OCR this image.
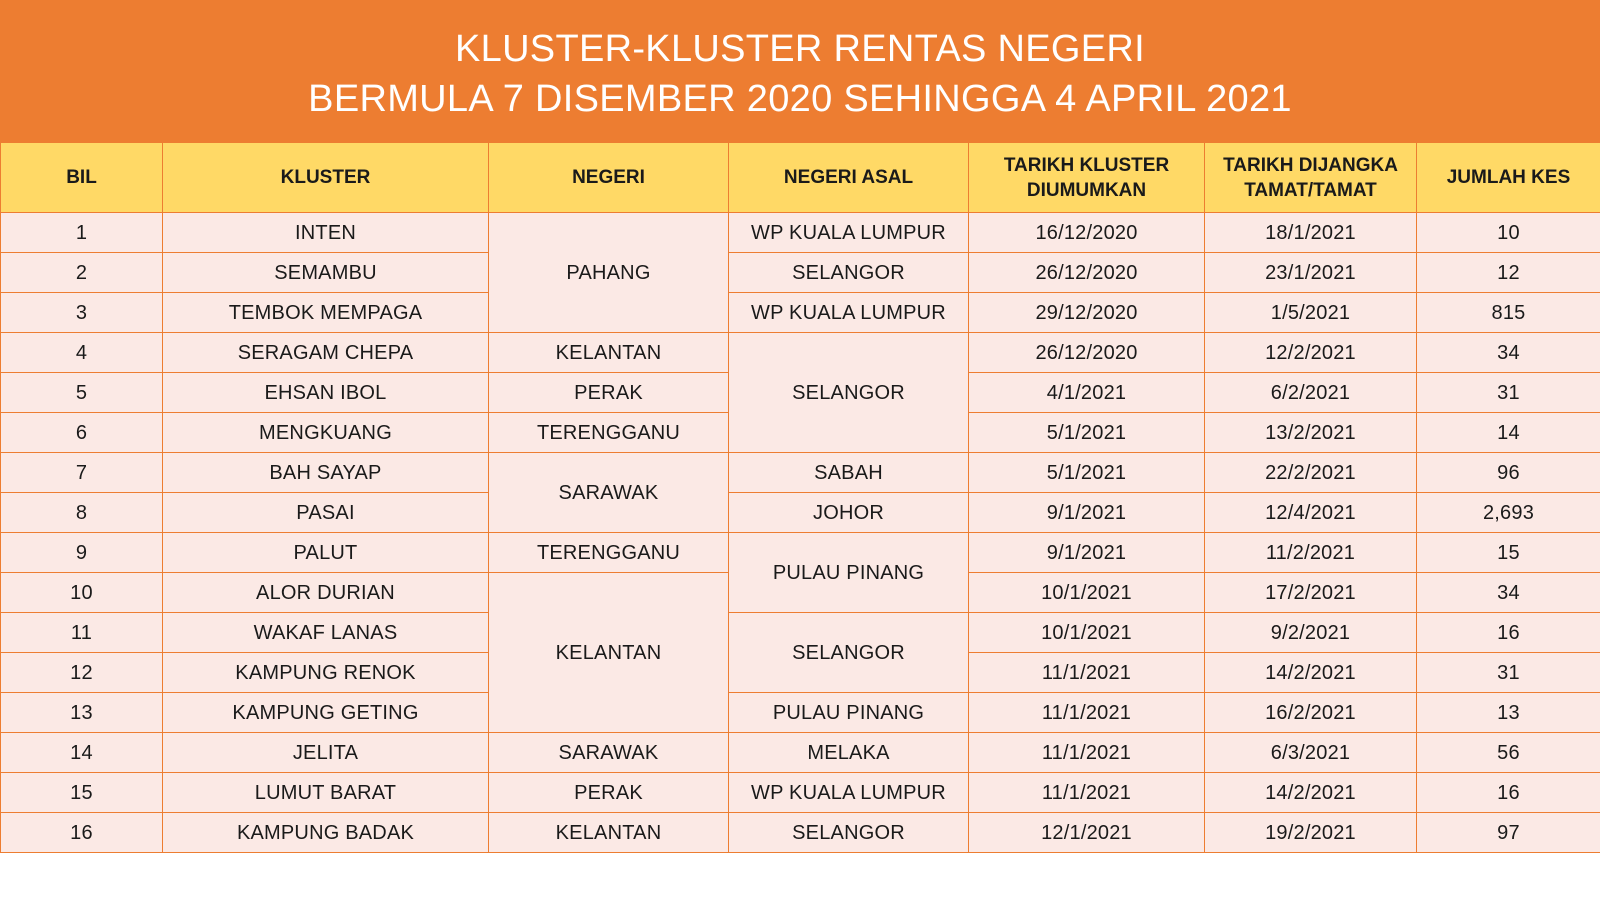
KLUSTER-KLUSTER RENTAS NEGERI
BERMULA 7 DISEMBER 2020 SEHINGGA 4 APRIL 2021
BIL	KLUSTER	NEGERI	NEGERI ASAL	TARIKH KLUSTER DIUMUMKAN	TARIKH DIJANGKA TAMAT/TAMAT	JUMLAH KES
1	INTEN	PAHANG	WP KUALA LUMPUR	16/12/2020	18/1/2021	10
2	SEMAMBU		SELANGOR	26/12/2020	23/1/2021	12
3	TEMBOK MEMPAGA		WP KUALA LUMPUR	29/12/2020	1/5/2021	815
4	SERAGAM CHEPA	KELANTAN	SELANGOR	26/12/2020	12/2/2021	34
5	EHSAN IBOL	PERAK		4/1/2021	6/2/2021	31
6	MENGKUANG	TERENGGANU		5/1/2021	13/2/2021	14
7	BAH SAYAP	SARAWAK	SABAH	5/1/2021	22/2/2021	96
8	PASAI		JOHOR	9/1/2021	12/4/2021	2,693
9	PALUT	TERENGGANU	PULAU PINANG	9/1/2021	11/2/2021	15
10	ALOR DURIAN	KELANTAN		10/1/2021	17/2/2021	34
11	WAKAF LANAS		SELANGOR	10/1/2021	9/2/2021	16
12	KAMPUNG RENOK			11/1/2021	14/2/2021	31
13	KAMPUNG GETING		PULAU PINANG	11/1/2021	16/2/2021	13
14	JELITA	SARAWAK	MELAKA	11/1/2021	6/3/2021	56
15	LUMUT BARAT	PERAK	WP KUALA LUMPUR	11/1/2021	14/2/2021	16
16	KAMPUNG BADAK	KELANTAN	SELANGOR	12/1/2021	19/2/2021	97
